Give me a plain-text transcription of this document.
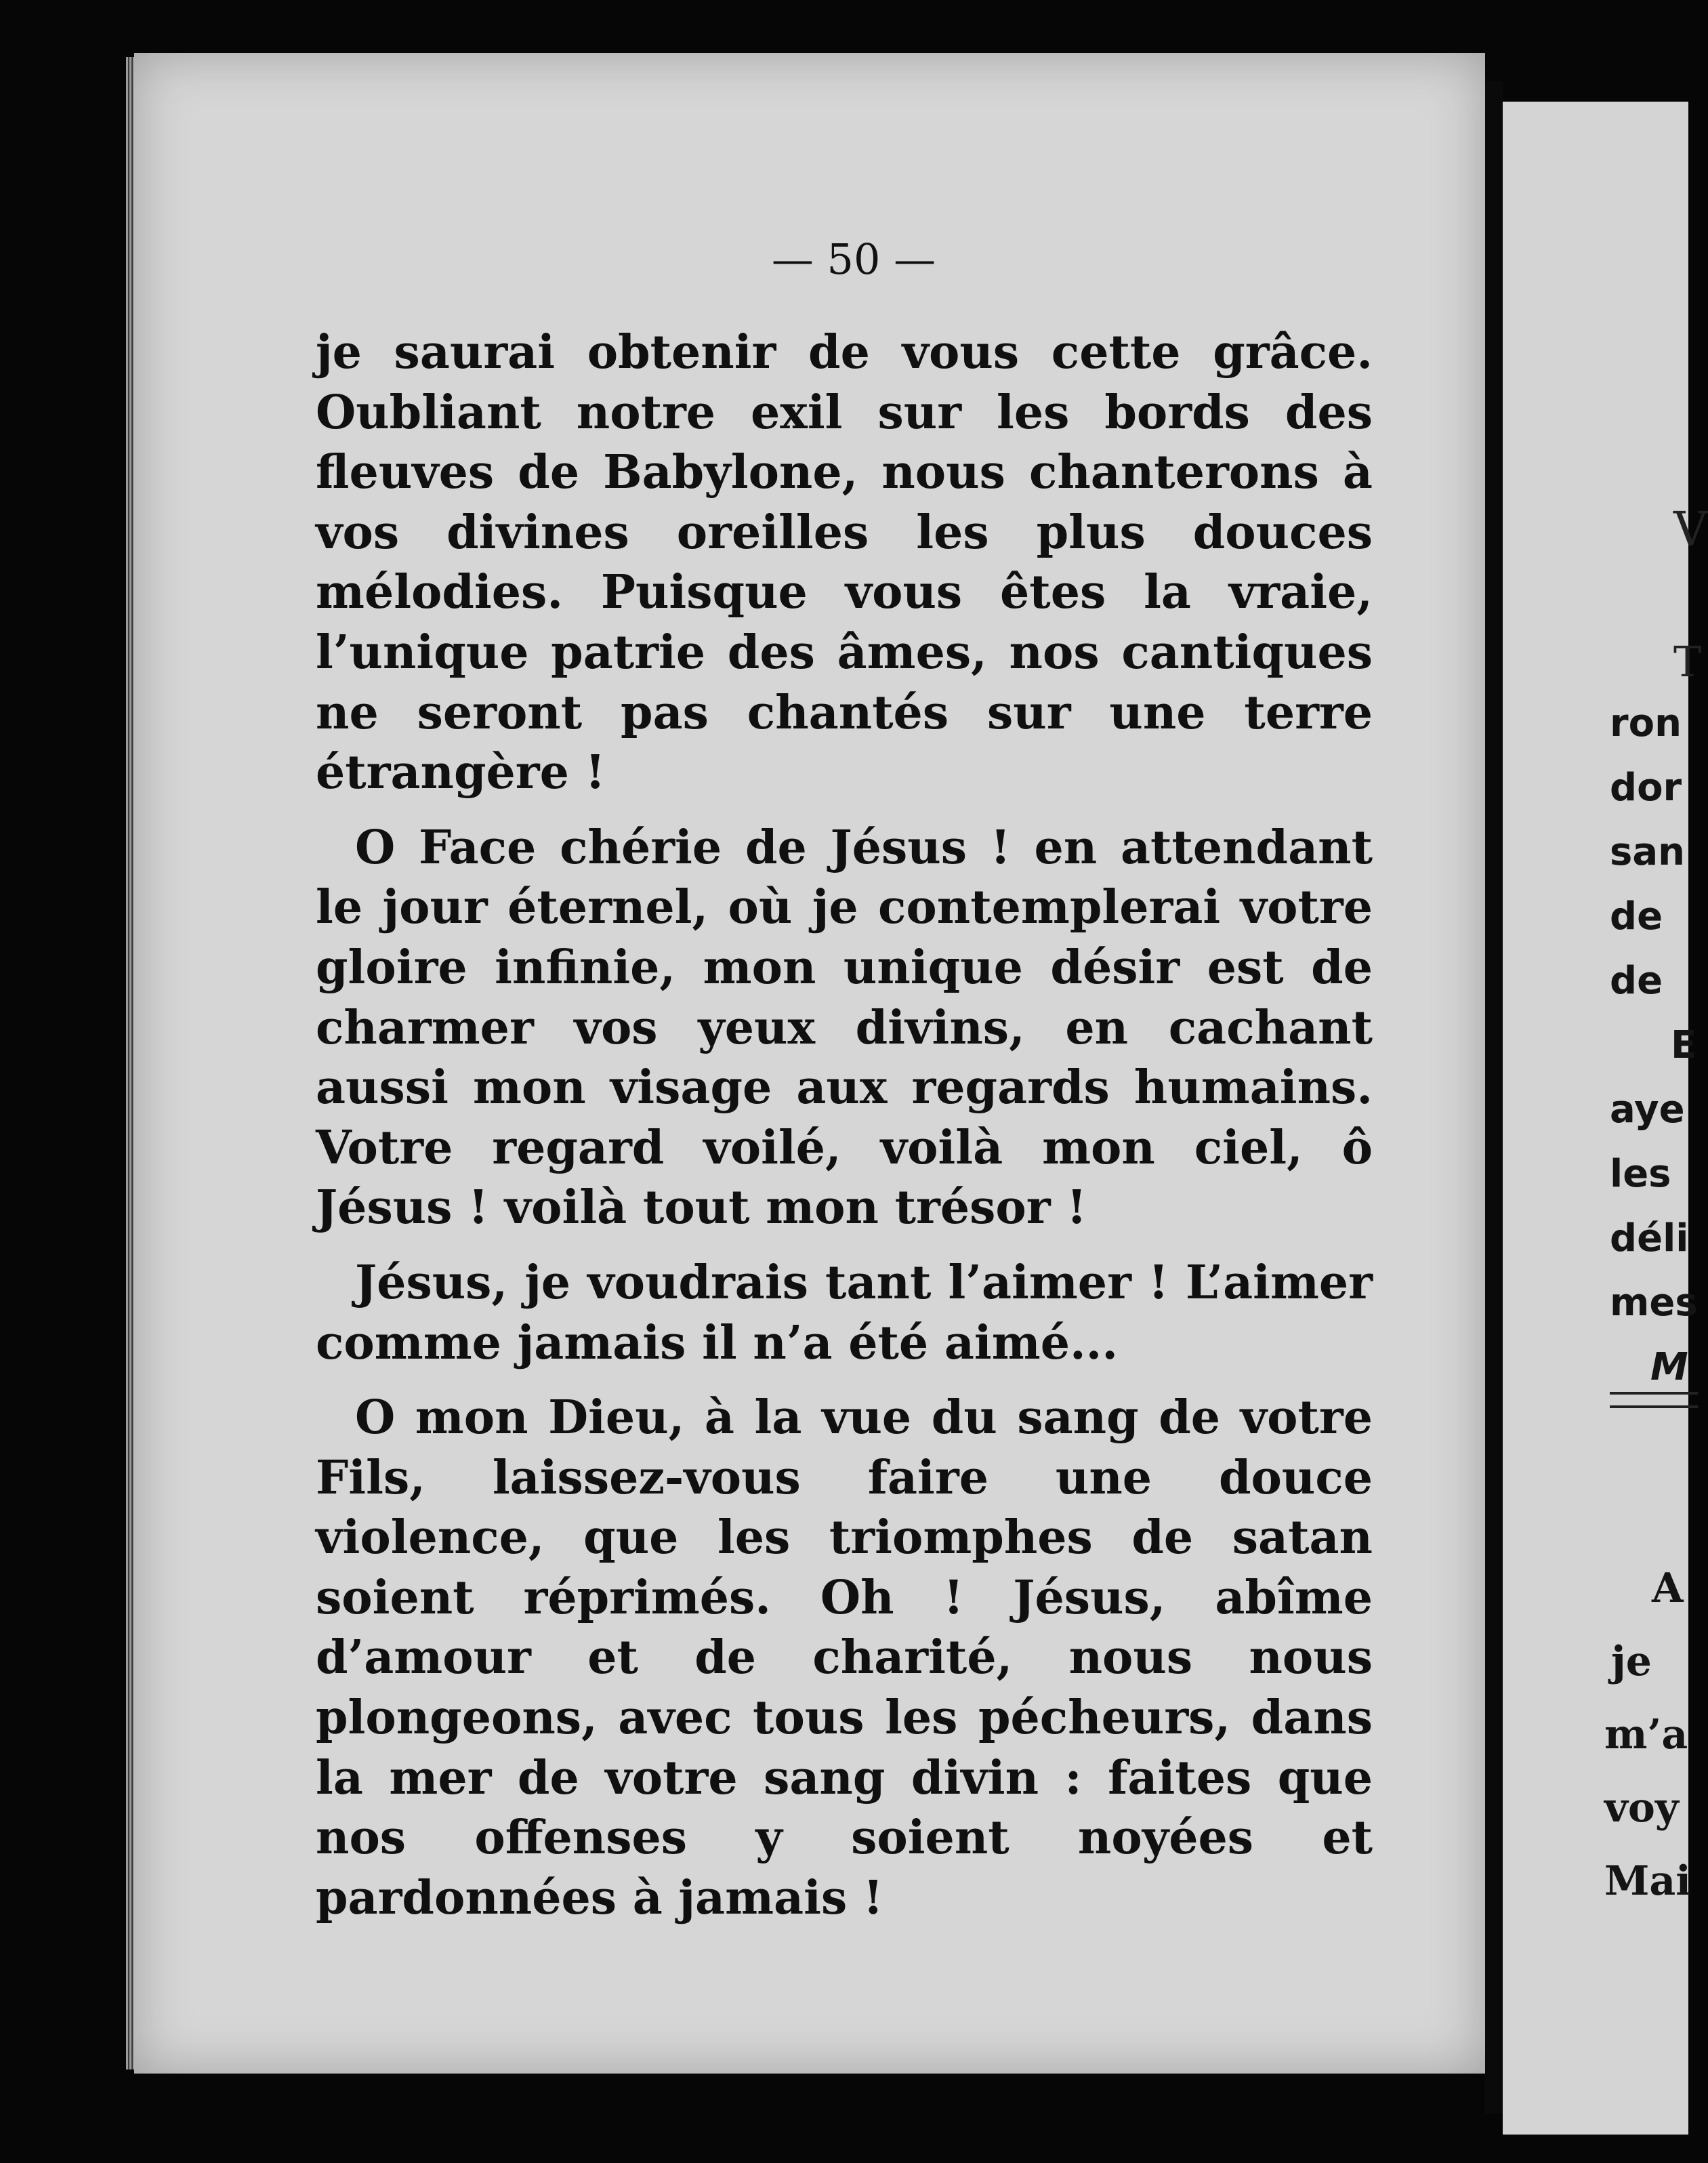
— 50 —

je saurai obtenir de vous cette grâce. Oubliant notre exil sur les bords des fleuves de Babylone, nous chanterons à vos divines oreilles les plus douces mélodies. Puisque vous êtes la vraie, l’unique patrie des âmes, nos cantiques ne seront pas chantés sur une terre étrangère !

O Face chérie de Jésus ! en attendant le jour éternel, où je contemplerai votre gloire infinie, mon unique désir est de charmer vos yeux divins, en cachant aussi mon visage aux regards humains. Votre regard voilé, voilà mon ciel, ô Jésus ! voilà tout mon trésor !

Jésus, je voudrais tant l’aimer ! L’aimer comme jamais il n’a été aimé...

O mon Dieu, à la vue du sang de votre Fils, laissez-vous faire une douce violence, que les triomphes de satan soient réprimés. Oh ! Jésus, abîme d’amour et de charité, nous nous plongeons, avec tous les pécheurs, dans la mer de votre sang divin : faites que nos offenses y soient noyées et pardonnées à jamais !

V
T
ron
dor
san
de
de
E
aye
les
déli
mes
M
A
je
m’a
voy
Mai
